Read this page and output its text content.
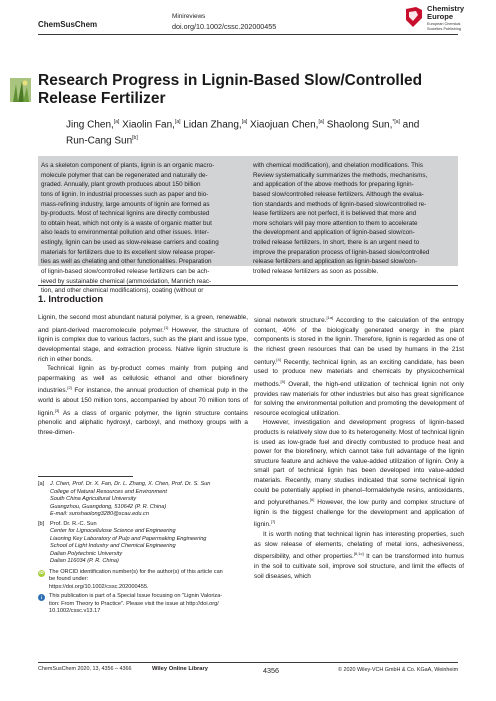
ChemSusChem
Minireviews
doi.org/10.1002/cssc.202000455
Chemistry
Europe
European Chemical
Societies Publishing
Research Progress in Lignin-Based Slow/Controlled
Release Fertilizer
Jing Chen,[a] Xiaolin Fan,[a] Lidan Zhang,[a] Xiaojuan Chen,[a] Shaolong Sun,$^{*[a]}$ and
Run-Cang Sun[b]
As a skeleton component of plants, lignin is an organic macro-
molecule polymer that can be regenerated and naturally de-
graded. Annually, plant growth produces about 150 billion
tons of lignin. In industrial processes such as paper and bio-
mass-refining industry, large amounts of lignin are formed as
by-products. Most of technical lignins are directly combusted
to obtain heat, which not only is a waste of organic matter but
also leads to environmental pollution and other issues. Inter-
estingly, lignin can be used as slow-release carriers and coating
materials for fertilizers due to its excellent slow release proper-
ties as well as chelating and other functionalities. Preparation
of lignin-based slow/controlled release fertilizers can be ach-
ieved by sustainable chemical (ammoxidation, Mannich reac-
tion, and other chemical modifications), coating (without or
with chemical modification), and chelation modifications. This
Review systematically summarizes the methods, mechanisms,
and application of the above methods for preparing lignin-
based slow/controlled release fertilizers. Although the evalua-
tion standards and methods of lignin-based slow/controlled re-
lease fertilizers are not perfect, it is believed that more and
more scholars will pay more attention to them to accelerate
the development and application of lignin-based slow/con-
trolled release fertilizers. In short, there is an urgent need to
improve the preparation process of lignin-based slow/controlled
release fertilizers and application as lignin-based slow/con-
trolled release fertilizers as soon as possible.
1. Introduction

Lignin, the second most abundant natural polymer, is a green, renewable, and plant-derived macromolecule polymer.[1] However, the structure of lignin is complex due to various factors, such as the plant and issue type, developmental stage, and extraction process. Native lignin structure is rich in ether bonds.

Technical lignin as by-product comes mainly from pulping and papermaking as well as cellulosic ethanol and other biorefinery industries.[2] For instance, the annual production of chemical pulp in the world is about 150 million tons, accompanied by about 70 million tons of lignin.[3] As a class of organic polymer, the lignin structure contains phenolic and aliphatic hydroxyl, carboxyl, and methoxy groups with a three-dimen-

sional network structure.[1a] According to the calculation of the entropy content, 40% of the biologically generated energy in the plant components is stored in the lignin. Therefore, lignin is regarded as one of the richest green resources that can be used by humans in the 21st century.[4] Recently, technical lignin, as an exciting candidate, has been used to produce new materials and chemicals by physicochemical methods.[5] Overall, the high-end utilization of technical lignin not only provides raw materials for other industries but also has great significance for solving the environmental pollution and promoting the development of resource ecological utilization.

However, investigation and development progress of lignin-based products is relatively slow due to its heterogeneity. Most of technical lignin is used as low-grade fuel and directly combusted to produce heat and power for the biorefinery, which cannot take full advantage of the lignin structure feature and achieve the value-added utilization of lignin. Only a small part of technical lignin has been developed into value-added materials. Recently, many studies indicated that some technical lignin could be potentially applied in phenol–formaldehyde resins, antioxidants, and polyurethanes.[6] However, the low purity and complex structure of lignin is the biggest challenge for the development and application of lignin.[7]

It is worth noting that technical lignin has interesting properties, such as slow release of elements, chelating of metal ions, adhesiveness, dispersibility, and other properties.[8,1c] It can be transformed into humus in the soil to cultivate soil, improve soil structure, and limit the effects of soil diseases, which

[a]	J. Chen, Prof. Dr. X. Fan, Dr. L. Zhang, X. Chen, Prof. Dr. S. Sun
College of Natural Resources and Environment
South China Agricultural University
Guangzhou, Guangdong, 510642 (P. R. China)
E-mail: sunshaolong3280@scau.edu.cn
[b]	Prof. Dr. R.-C. Sun
Center for Lignocellulose Science and Engineering
Liaoning Key Laboratory of Pulp and Papermaking Engineering
School of Light Industry and Chemical Engineering
Dalian Polytechnic University
Dalian 116034 (P. R. China)
iD The ORCID identification number(s) for the author(s) of this article can
be found under:
https://doi.org/10.1002/cssc.202000455.
i	This publication is part of a Special Issue focusing on "Lignin Valoriza-
tion: From Theory to Practice". Please visit the issue at http://doi.org/
10.1002/cssc.v13.17
ChemSusChem 2020, 13, 4356 – 4366	Wiley Online Library	4356	© 2020 Wiley-VCH GmbH & Co. KGaA, Weinheim
